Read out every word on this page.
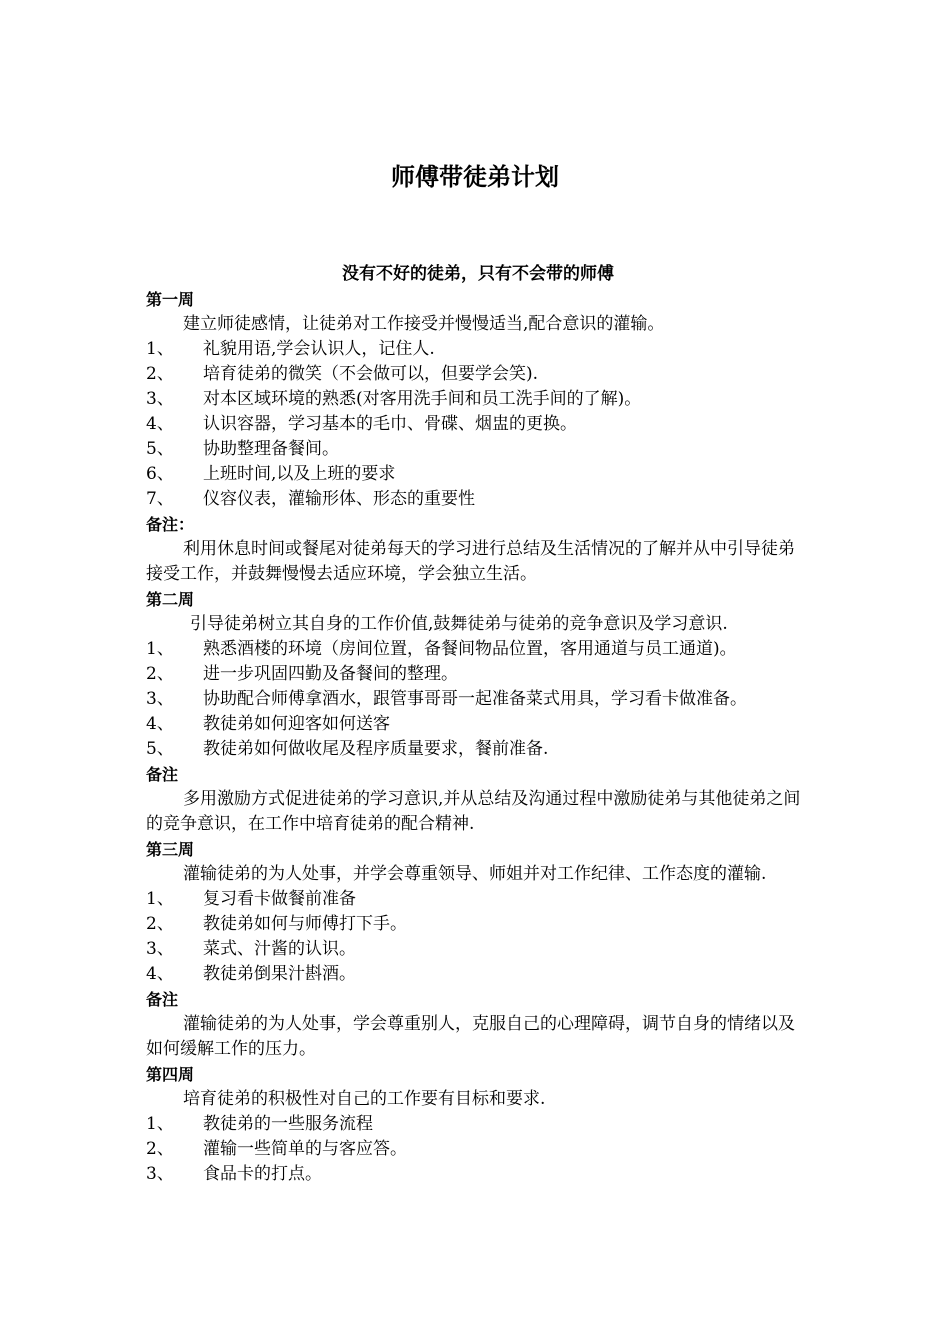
师傅带徒弟计划
没有不好的徒弟，只有不会带的师傅
第一周
建立师徒感情，让徒弟对工作接受并慢慢适当,配合意识的灌输。
1、	礼貌用语,学会认识人，记住人.
2、	培育徒弟的微笑（不会做可以，但要学会笑).
3、	对本区域环境的熟悉(对客用洗手间和员工洗手间的了解)。
4、	认识容器，学习基本的毛巾、骨碟、烟盅的更换。
5、	协助整理备餐间。
6、	上班时间,以及上班的要求
7、	仪容仪表，灌输形体、形态的重要性
备注：
利用休息时间或餐尾对徒弟每天的学习进行总结及生活情况的了解并从中引导徒弟接受工作，并鼓舞慢慢去适应环境，学会独立生活。
第二周
引导徒弟树立其自身的工作价值,鼓舞徒弟与徒弟的竞争意识及学习意识.
1、	熟悉酒楼的环境（房间位置，备餐间物品位置，客用通道与员工通道)。
2、	进一步巩固四勤及备餐间的整理。
3、	协助配合师傅拿酒水，跟管事哥哥一起准备菜式用具，学习看卡做准备。
4、	教徒弟如何迎客如何送客
5、	教徒弟如何做收尾及程序质量要求，餐前准备.
备注
多用激励方式促进徒弟的学习意识,并从总结及沟通过程中激励徒弟与其他徒弟之间的竞争意识，在工作中培育徒弟的配合精神.
第三周
灌输徒弟的为人处事，并学会尊重领导、师姐并对工作纪律、工作态度的灌输.
1、	复习看卡做餐前准备
2、	教徒弟如何与师傅打下手。
3、	菜式、汁酱的认识。
4、	教徒弟倒果汁斟酒。
备注
灌输徒弟的为人处事，学会尊重别人，克服自己的心理障碍，调节自身的情绪以及如何缓解工作的压力。
第四周
培育徒弟的积极性对自己的工作要有目标和要求.
1、	教徒弟的一些服务流程
2、	灌输一些简单的与客应答。
3、	食品卡的打点。
